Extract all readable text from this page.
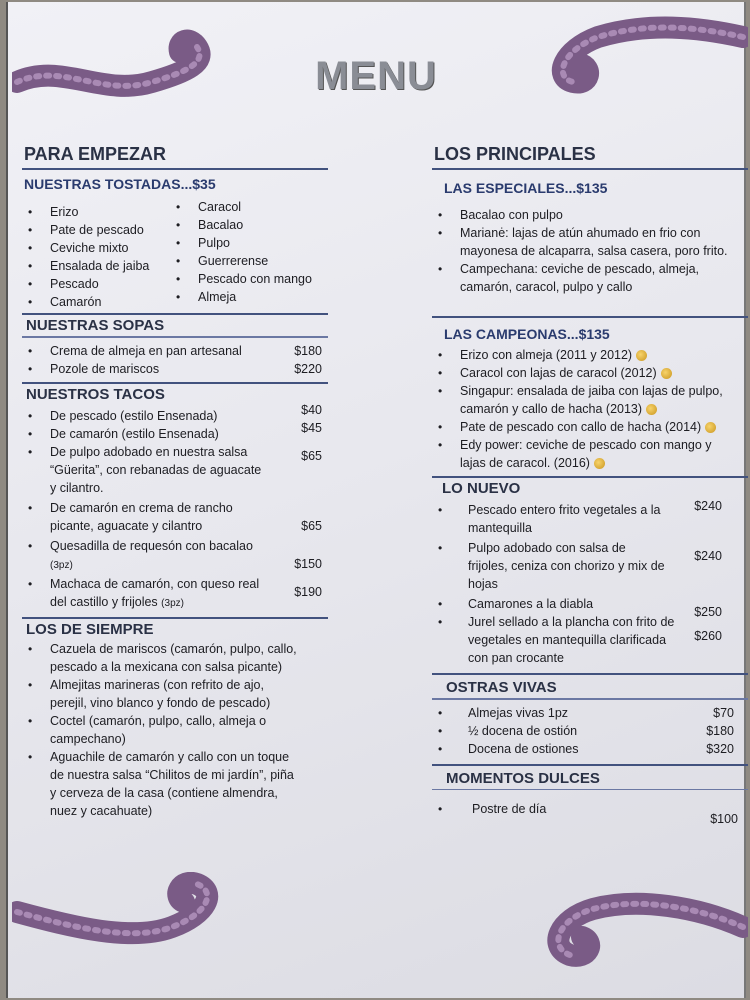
MENU
PARA EMPEZAR
NUESTRAS TOSTADAS...$35
• Erizo
• Pate de pescado
• Ceviche mixto
• Ensalada de jaiba
• Pescado
• Camarón
• Caracol
• Bacalao
• Pulpo
• Guerrerense
• Pescado con mango
• Almeja
NUESTRAS SOPAS
• Crema de almeja en pan artesanal	$180
• Pozole de mariscos	$220
NUESTROS TACOS
• De pescado (estilo Ensenada)	$40
• De camarón (estilo Ensenada)	$45
• De pulpo adobado en nuestra salsa “Güerita”, con rebanadas de aguacate y cilantro.
$65
• De camarón en crema de rancho picante, aguacate y cilantro	$65
• Quesadilla de requesón con bacalao (3pz)	$150
• Machaca de camarón, con queso real del castillo y frijoles (3pz)
$190
LOS DE SIEMPRE
• Cazuela de mariscos (camarón, pulpo, callo, pescado a la mexicana con salsa picante)
• Almejitas marineras (con refrito de ajo, perejil, vino blanco y fondo de pescado)
• Coctel (camarón, pulpo, callo, almeja o campechano)
• Aguachile de camarón y callo con un toque de nuestra salsa “Chilitos de mi jardín”, piña y cerveza de la casa (contiene almendra, nuez y cacahuate)
LOS PRINCIPALES
LAS ESPECIALES...$135
• Bacalao con pulpo
• Marianė: lajas de atún ahumado en frio con mayonesa de alcaparra, salsa casera, poro frito.
• Campechana: ceviche de pescado, almeja, camarón, caracol, pulpo y callo
LAS CAMPEONAS...$135
• Erizo con almeja (2011 y 2012)
• Caracol con lajas de caracol (2012)
• Singapur: ensalada de jaiba con lajas de pulpo, camarón y callo de hacha (2013)
• Pate de pescado con callo de hacha (2014)
• Edy power: ceviche de pescado con mango y lajas de caracol. (2016)
LO NUEVO
• Pescado entero frito vegetales a la mantequilla
$240
• Pulpo adobado con salsa de frijoles, ceniza con chorizo y mix de hojas
$240
• Camarones a la diabla
$250
• Jurel sellado a la plancha con frito de vegetales en mantequilla clarificada con pan crocante
$260
OSTRAS VIVAS
• Almejas vivas 1pz	$70
• ½ docena de ostión	$180
• Docena de ostiones	$320
MOMENTOS DULCES
• Postre de día
$100
